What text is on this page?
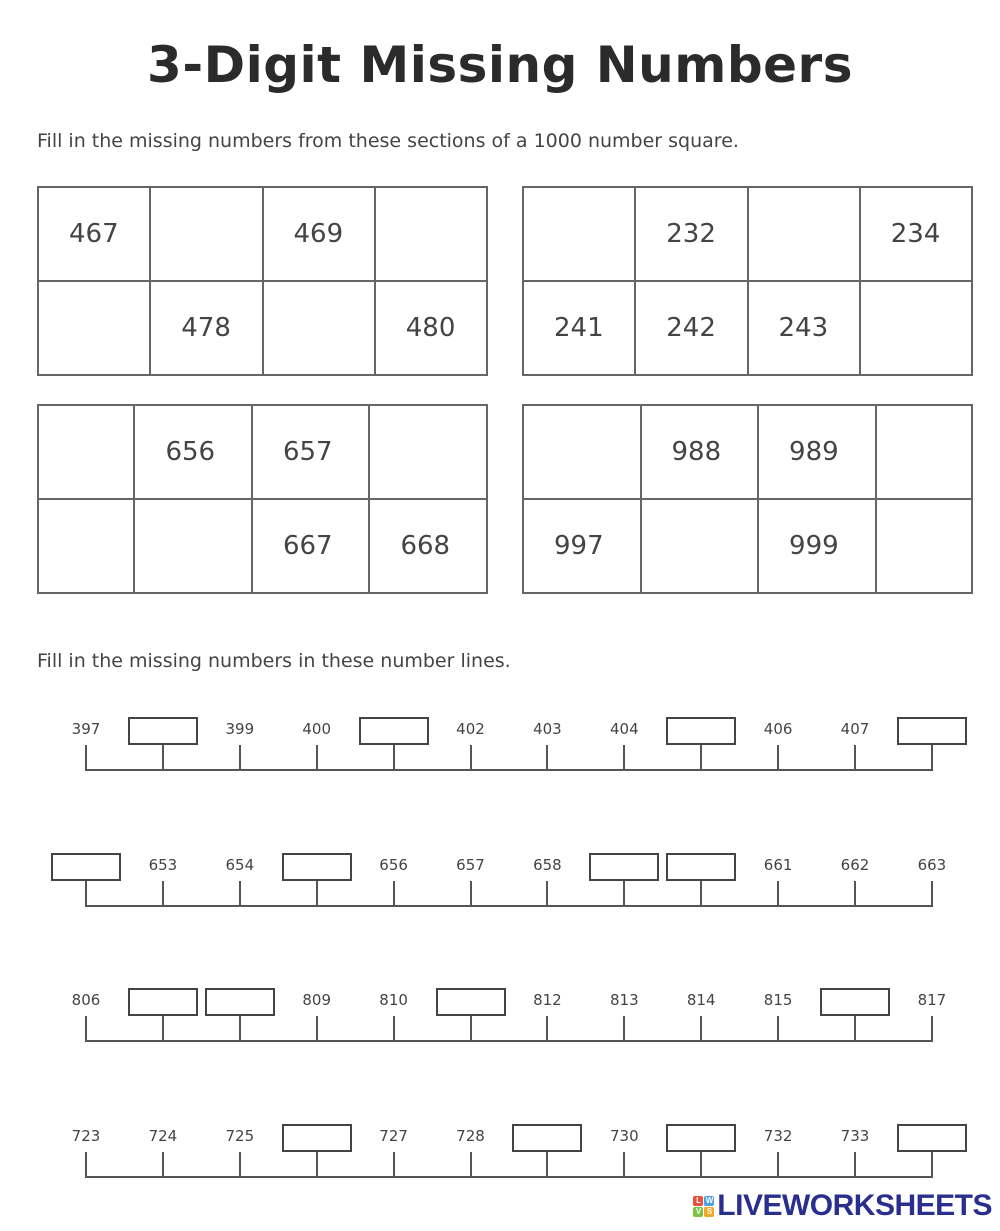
3-Digit Missing Numbers
Fill in the missing numbers from these sections of a 1000 number square.
467		469	
	478		480
	232		234
241	242	243	
	656	657	
		667	668
	988	989	
997		999	
Fill in the missing numbers in these number lines.
397	399	400	402	403	404	406	407
653	654	656	657	658	661	662	663
806	809	810	812	813	814	815	817
723	724	725	727	728	730	732	733
L W
V S LIVEWORKSHEETS
